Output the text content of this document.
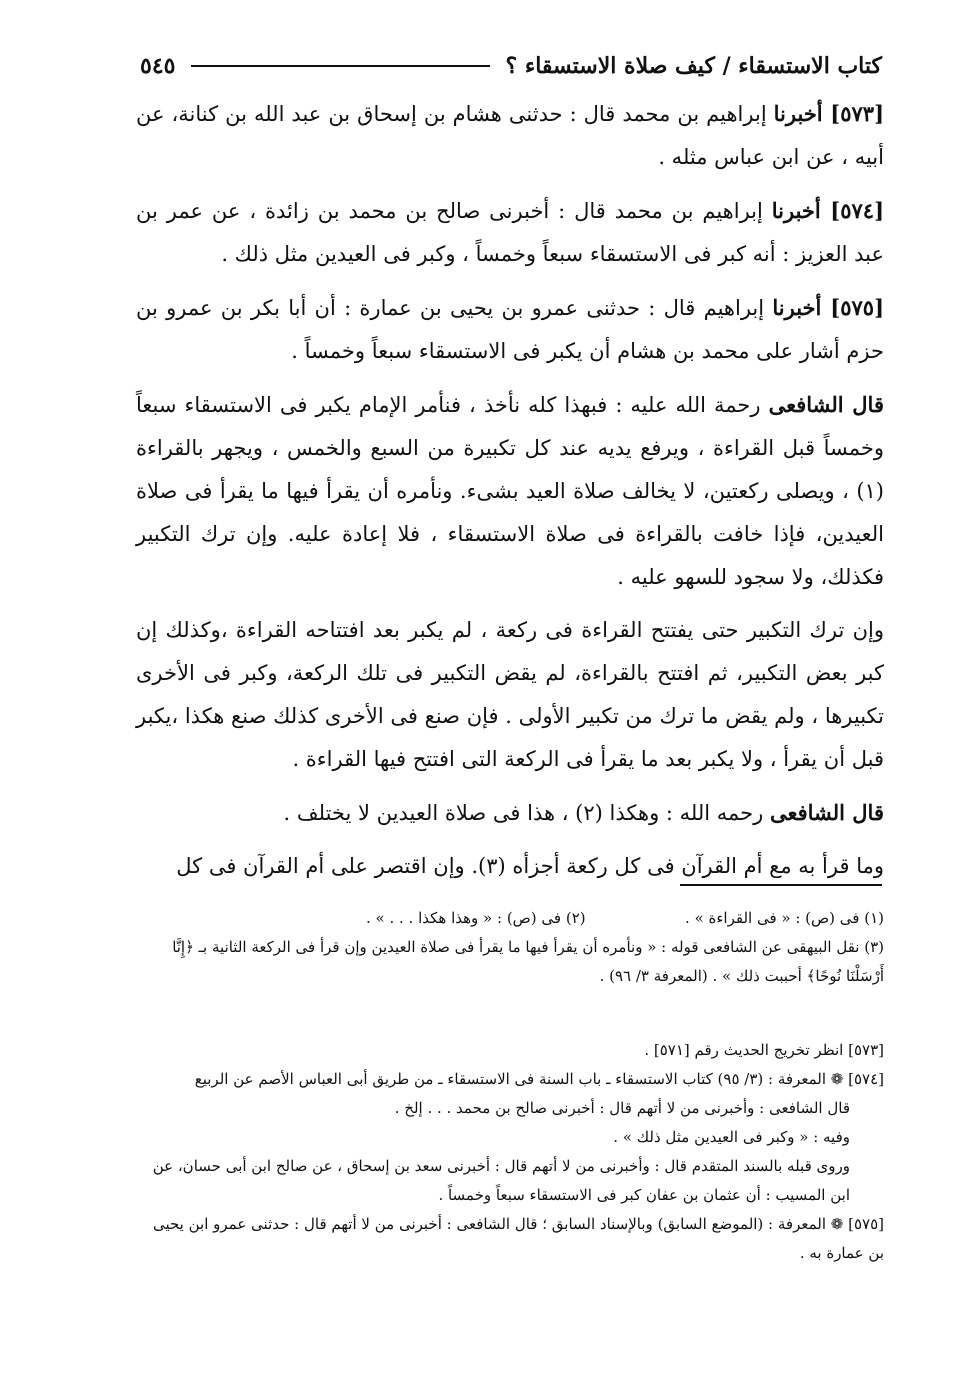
كتاب الاستسقاء / كيف صلاة الاستسقاء ؟
٥٤٥

[٥٧٣] أخبرنا إبراهيم بن محمد قال : حدثنى هشام بن إسحاق بن عبد الله بن كنانة، عن أبيه ، عن ابن عباس مثله .

[٥٧٤] أخبرنا إبراهيم بن محمد قال : أخبرنى صالح بن محمد بن زائدة ، عن عمر بن عبد العزيز : أنه كبر فى الاستسقاء سبعاً وخمساً ، وكبر فى العيدين مثل ذلك .

[٥٧٥] أخبرنا إبراهيم قال : حدثنى عمرو بن يحيى بن عمارة : أن أبا بكر بن عمرو بن حزم أشار على محمد بن هشام أن يكبر فى الاستسقاء سبعاً وخمساً .

قال الشافعى رحمة الله عليه : فبهذا كله نأخذ ، فنأمر الإمام يكبر فى الاستسقاء سبعاً وخمساً قبل القراءة ، ويرفع يديه عند كل تكبيرة من السبع والخمس ، ويجهر بالقراءة (١) ، ويصلى ركعتين، لا يخالف صلاة العيد بشىء. ونأمره أن يقرأ فيها ما يقرأ فى صلاة العيدين، فإذا خافت بالقراءة فى صلاة الاستسقاء ، فلا إعادة عليه. وإن ترك التكبير فكذلك، ولا سجود للسهو عليه .

وإن ترك التكبير حتى يفتتح القراءة فى ركعة ، لم يكبر بعد افتتاحه القراءة ،وكذلك إن كبر بعض التكبير، ثم افتتح بالقراءة، لم يقض التكبير فى تلك الركعة، وكبر فى الأخرى تكبيرها ، ولم يقض ما ترك من تكبير الأولى . فإن صنع فى الأخرى كذلك صنع هكذا ،يكبر قبل أن يقرأ ، ولا يكبر بعد ما يقرأ فى الركعة التى افتتح فيها القراءة .

قال الشافعى رحمه الله : وهكذا (٢) ، هذا فى صلاة العيدين لا يختلف .

وما قرأ به مع أم القرآن فى كل ركعة أجزأه (٣). وإن اقتصر على أم القرآن فى كل

(١) فى (ص) : « فى القراءة » .
(٢) فى (ص) : « وهذا هكذا . . . » .

(٣) نقل البيهقى عن الشافعى قوله : « ونأمره أن يقرأ فيها ما يقرأ فى صلاة العيدين وإن قرأ فى الركعة الثانية بـ ﴿إِنَّا أَرْسَلْنَا نُوحًا﴾ أحببت ذلك » . (المعرفة ٣/ ٩٦) .

[٥٧٣] انظر تخريج الحديث رقم [٥٧١] .

[٥٧٤] ❁ المعرفة : (٣/ ٩٥) كتاب الاستسقاء ـ باب السنة فى الاستسقاء ـ من طريق أبى العباس الأصم عن الربيع

قال الشافعى : وأخبرنى من لا أتهم قال : أخبرنى صالح بن محمد . . . إلخ .

وفيه : « وكبر فى العيدين مثل ذلك » .

وروى قبله بالسند المتقدم قال : وأخبرنى من لا أتهم قال : أخبرنى سعد بن إسحاق ، عن صالح ابن أبى حسان، عن ابن المسيب : أن عثمان بن عفان كبر فى الاستسقاء سبعاً وخمساً .

[٥٧٥] ❁ المعرفة : (الموضع السابق) وبالإسناد السابق ؛ قال الشافعى : أخبرنى من لا أتهم قال : حدثنى عمرو ابن يحيى بن عمارة به .
